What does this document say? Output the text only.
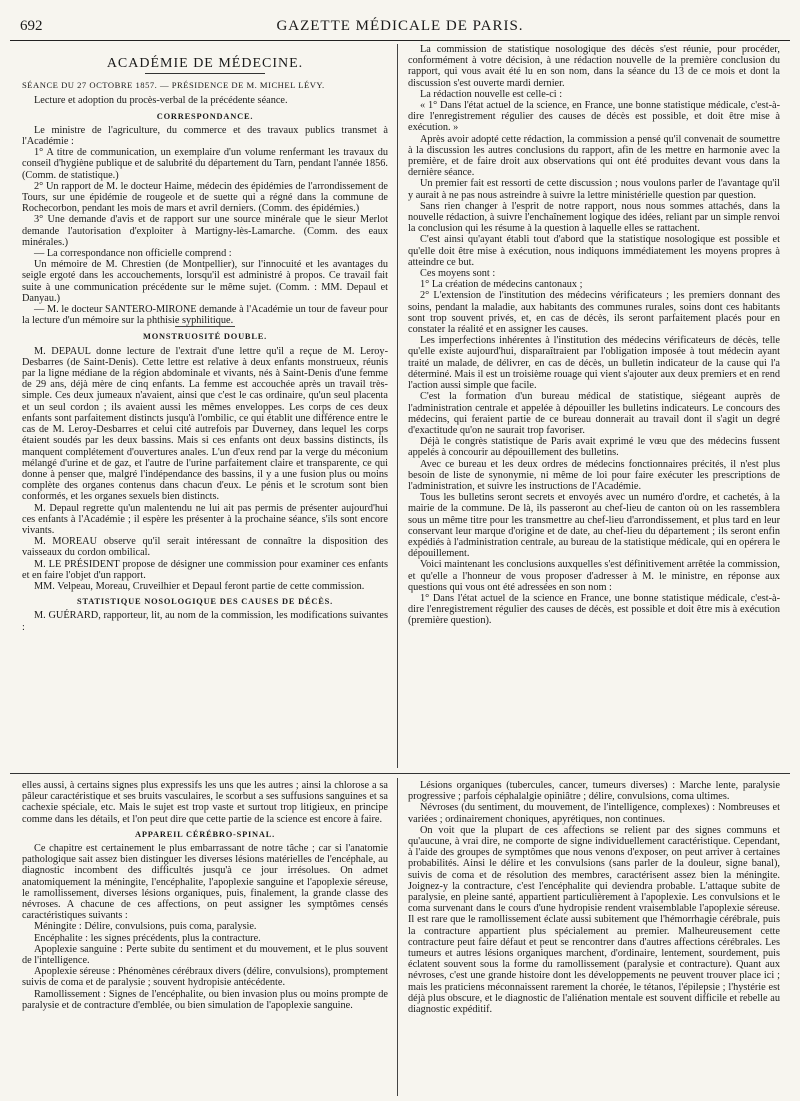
692	GAZETTE MÉDICALE DE PARIS.
ACADÉMIE DE MÉDECINE.
SÉANCE DU 27 OCTOBRE 1857. — PRÉSIDENCE DE M. MICHEL LÉVY.

Lecture et adoption du procès-verbal de la précédente séance.

CORRESPONDANCE.

Le ministre de l'agriculture, du commerce et des travaux publics transmet à l'Académie :

1° A titre de communication, un exemplaire d'un volume renfermant les travaux du conseil d'hygiène publique et de salubrité du département du Tarn, pendant l'année 1856. (Comm. de statistique.)

2° Un rapport de M. le docteur Haime, médecin des épidémies de l'arrondissement de Tours, sur une épidémie de rougeole et de suette qui a régné dans la commune de Rochecorbon, pendant les mois de mars et avril derniers. (Comm. des épidémies.)

3° Une demande d'avis et de rapport sur une source minérale que le sieur Merlot demande l'autorisation d'exploiter à Martigny-lès-Lamarche. (Comm. des eaux minérales.)

— La correspondance non officielle comprend :

Un mémoire de M. Chrestien (de Montpellier), sur l'innocuité et les avantages du seigle ergoté dans les accouchements, lorsqu'il est administré à propos. Ce travail fait suite à une communication précédente sur le même sujet. (Comm. : MM. Depaul et Danyau.)

— M. le docteur SANTERO-MIRONE demande à l'Académie un tour de faveur pour la lecture d'un mémoire sur la phthisie syphilitique.

MONSTRUOSITÉ DOUBLE.

M. DEPAUL donne lecture de l'extrait d'une lettre qu'il a reçue de M. Leroy-Desbarres (de Saint-Denis). Cette lettre est relative à deux enfants monstrueux, réunis par la ligne médiane de la région abdominale et vivants, nés à Saint-Denis d'une femme de 29 ans, déjà mère de cinq enfants. La femme est accouchée après un travail très-simple. Ces deux jumeaux n'avaient, ainsi que c'est le cas ordinaire, qu'un seul placenta et un seul cordon ; ils avaient aussi les mêmes enveloppes. Les corps de ces deux enfants sont parfaitement distincts jusqu'à l'ombilic, ce qui établit une différence entre le cas de M. Leroy-Desbarres et celui cité autrefois par Duverney, dans lequel les corps étaient soudés par les deux bassins. Mais si ces enfants ont deux bassins distincts, ils manquent complétement d'ouvertures anales. L'un d'eux rend par la verge du méconium mélangé d'urine et de gaz, et l'autre de l'urine parfaitement claire et transparente, ce qui donne à penser que, malgré l'indépendance des bassins, il y a une fusion plus ou moins complète des organes contenus dans chacun d'eux. Le pénis et le scrotum sont bien conformés, et les organes sexuels bien distincts.

M. Depaul regrette qu'un malentendu ne lui ait pas permis de présenter aujourd'hui ces enfants à l'Académie ; il espère les présenter à la prochaine séance, s'ils sont encore vivants.

M. MOREAU observe qu'il serait intéressant de connaître la disposition des vaisseaux du cordon ombilical.

M. LE PRÉSIDENT propose de désigner une commission pour examiner ces enfants et en faire l'objet d'un rapport.

MM. Velpeau, Moreau, Cruveilhier et Depaul feront partie de cette commission.

STATISTIQUE NOSOLOGIQUE DES CAUSES DE DÉCÈS.

M. GUÉRARD, rapporteur, lit, au nom de la commission, les modifications suivantes :

La commission de statistique nosologique des décès s'est réunie, pour procéder, conformément à votre décision, à une rédaction nouvelle de la première conclusion du rapport, qui vous avait été lu en son nom, dans la séance du 13 de ce mois et dont la discussion s'est ouverte mardi dernier.

La rédaction nouvelle est celle-ci :

« 1° Dans l'état actuel de la science, en France, une bonne statistique médicale, c'est-à-dire l'enregistrement régulier des causes de décès est possible, et doit être mise à exécution. »

Après avoir adopté cette rédaction, la commission a pensé qu'il convenait de soumettre à la discussion les autres conclusions du rapport, afin de les mettre en harmonie avec la première, et de faire droit aux observations qui ont été produites devant vous dans la dernière séance.

Un premier fait est ressorti de cette discussion ; nous voulons parler de l'avantage qu'il y aurait à ne pas nous astreindre à suivre la lettre ministérielle question par question.

Sans rien changer à l'esprit de notre rapport, nous nous sommes attachés, dans la nouvelle rédaction, à suivre l'enchaînement logique des idées, reliant par un simple renvoi la conclusion qui les résume à la question à laquelle elles se rattachent.

C'est ainsi qu'ayant établi tout d'abord que la statistique nosologique est possible et qu'elle doit être mise à exécution, nous indiquons immédiatement les moyens propres à atteindre ce but.

Ces moyens sont :

1° La création de médecins cantonaux ;

2° L'extension de l'institution des médecins vérificateurs ; les premiers donnant des soins, pendant la maladie, aux habitants des communes rurales, soins dont ces habitants sont trop souvent privés, et, en cas de décès, ils seront parfaitement placés pour en constater la réalité et en assigner les causes.

Les imperfections inhérentes à l'institution des médecins vérificateurs de décès, telle qu'elle existe aujourd'hui, disparaîtraient par l'obligation imposée à tout médecin ayant traité un malade, de délivrer, en cas de décès, un bulletin indicateur de la cause qui l'a déterminé. Mais il est un troisième rouage qui vient s'ajouter aux deux premiers et en rend l'action aussi simple que facile.

C'est la formation d'un bureau médical de statistique, siégeant auprès de l'administration centrale et appelée à dépouiller les bulletins indicateurs. Le concours des médecins, qui feraient partie de ce bureau donnerait au travail dont il s'agit un degré d'exactitude qu'on ne saurait trop favoriser.

Déjà le congrès statistique de Paris avait exprimé le vœu que des médecins fussent appelés à concourir au dépouillement des bulletins.

Avec ce bureau et les deux ordres de médecins fonctionnaires précités, il n'est plus besoin de liste de synonymie, ni même de loi pour faire exécuter les prescriptions de l'administration, et suivre les instructions de l'Académie.

Tous les bulletins seront secrets et envoyés avec un numéro d'ordre, et cachetés, à la mairie de la commune. De là, ils passeront au chef-lieu de canton où on les rassemblera sous un même titre pour les transmettre au chef-lieu d'arrondissement, et plus tard en leur conservant leur marque d'origine et de date, au chef-lieu du département ; ils seront enfin expédiés à l'administration centrale, au bureau de la statistique médicale, qui en opérera le dépouillement.

Voici maintenant les conclusions auxquelles s'est définitivement arrêtée la commission, et qu'elle a l'honneur de vous proposer d'adresser à M. le ministre, en réponse aux questions qui vous ont été adressées en son nom :

1° Dans l'état actuel de la science en France, une bonne statistique médicale, c'est-à-dire l'enregistrement régulier des causes de décès, est possible et doit être mis à exécution (première question).

elles aussi, à certains signes plus expressifs les uns que les autres ; ainsi la chlorose a sa pâleur caractéristique et ses bruits vasculaires, le scorbut a ses suffusions sanguines et sa cachexie spéciale, etc. Mais le sujet est trop vaste et surtout trop litigieux, en principe comme dans les détails, et l'on peut dire que cette partie de la science est encore à faire.

APPAREIL CÉRÉBRO-SPINAL.

Ce chapitre est certainement le plus embarrassant de notre tâche ; car si l'anatomie pathologique sait assez bien distinguer les diverses lésions matérielles de l'encéphale, au diagnostic incombent des difficultés jusqu'à ce jour irrésolues. On admet anatomiquement la méningite, l'encéphalite, l'apoplexie sanguine et l'apoplexie séreuse, le ramollissement, diverses lésions organiques, puis, finalement, la grande classe des névroses. A chacune de ces affections, on peut assigner les symptômes censés caractéristiques suivants :

Méningite : Délire, convulsions, puis coma, paralysie.

Encéphalite : les signes précédents, plus la contracture.

Apoplexie sanguine : Perte subite du sentiment et du mouvement, et le plus souvent de l'intelligence.

Apoplexie séreuse : Phénomènes cérébraux divers (délire, convulsions), promptement suivis de coma et de paralysie ; souvent hydropisie antécédente.

Ramollissement : Signes de l'encéphalite, ou bien invasion plus ou moins prompte de paralysie et de contracture d'emblée, ou bien simulation de l'apoplexie sanguine.

Lésions organiques (tubercules, cancer, tumeurs diverses) : Marche lente, paralysie progressive ; parfois céphalalgie opiniâtre ; délire, convulsions, coma ultimes.

Névroses (du sentiment, du mouvement, de l'intelligence, complexes) : Nombreuses et variées ; ordinairement choniques, apyrétiques, non continues.

On voit que la plupart de ces affections se relient par des signes communs et qu'aucune, à vrai dire, ne comporte de signe individuellement caractéristique. Cependant, à l'aide des groupes de symptômes que nous venons d'exposer, on peut arriver à certaines probabilités. Ainsi le délire et les convulsions (sans parler de la douleur, signe banal), suivis de coma et de résolution des membres, caractérisent assez bien la méningite. Joignez-y la contracture, c'est l'encéphalite qui deviendra probable. L'attaque subite de paralysie, en pleine santé, appartient particulièrement à l'apoplexie. Les convulsions et le coma survenant dans le cours d'une hydropisie rendent vraisemblable l'apoplexie séreuse. Il est rare que le ramollissement éclate aussi subitement que l'hémorrhagie cérébrale, puis la contracture appartient plus spécialement au premier. Malheureusement cette contracture peut faire défaut et peut se rencontrer dans d'autres affections cérébrales. Les tumeurs et autres lésions organiques marchent, d'ordinaire, lentement, sourdement, puis éclatent souvent sous la forme du ramollissement (paralysie et contracture). Quant aux névroses, c'est une grande histoire dont les développements ne peuvent trouver place ici ; mais les praticiens méconnaissent rarement la chorée, le tétanos, l'épilepsie ; l'hystérie est déjà plus obscure, et le diagnostic de l'aliénation mentale est souvent difficile et rebelle au diagnostic expéditif.
